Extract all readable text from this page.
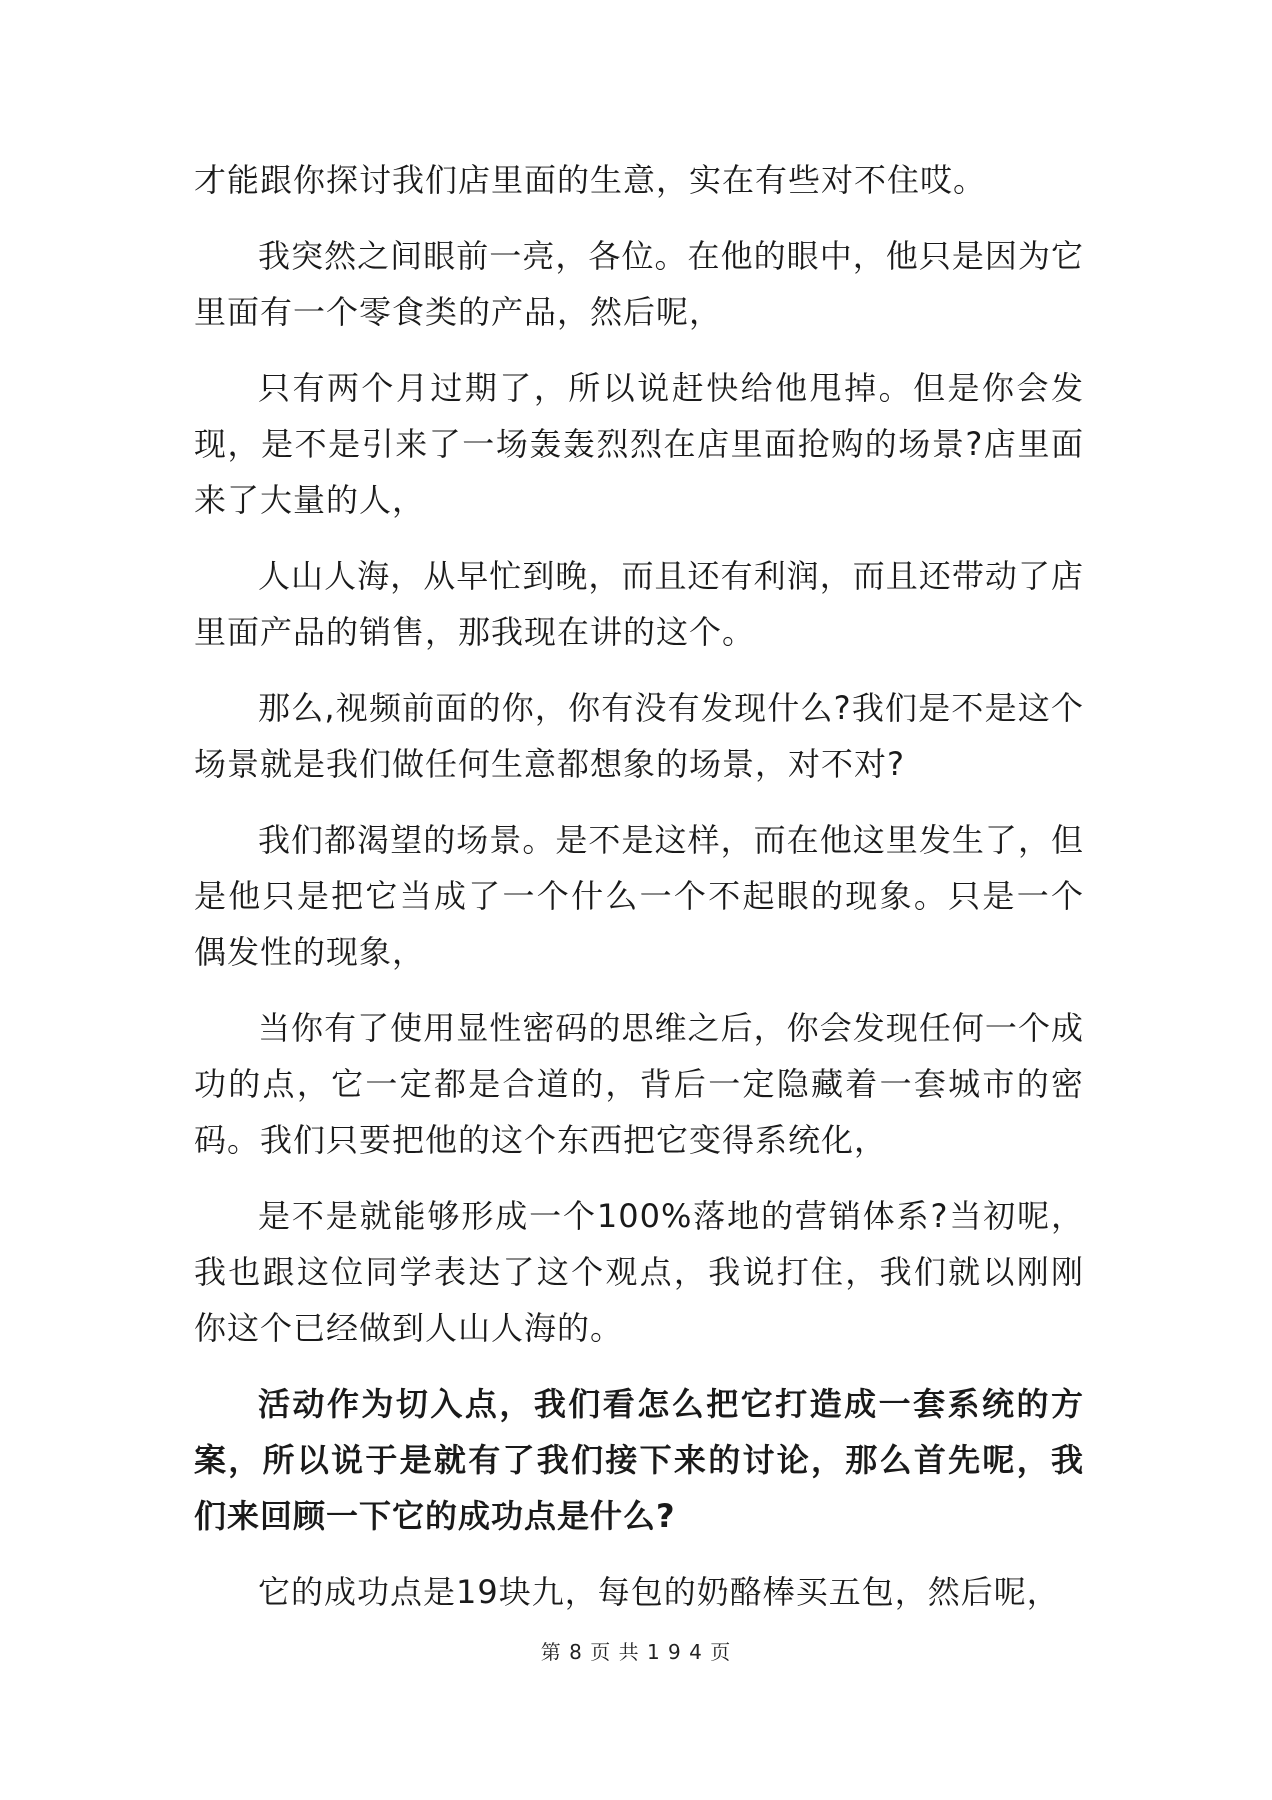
才能跟你探讨我们店里面的生意，实在有些对不住哎。

我突然之间眼前一亮，各位。在他的眼中，他只是因为它里面有一个零食类的产品，然后呢，

只有两个月过期了，所以说赶快给他甩掉。但是你会发现，是不是引来了一场轰轰烈烈在店里面抢购的场景?店里面来了大量的人，

人山人海，从早忙到晚，而且还有利润，而且还带动了店里面产品的销售，那我现在讲的这个。

那么,视频前面的你，你有没有发现什么?我们是不是这个场景就是我们做任何生意都想象的场景，对不对?

我们都渴望的场景。是不是这样，而在他这里发生了，但是他只是把它当成了一个什么一个不起眼的现象。只是一个偶发性的现象，

当你有了使用显性密码的思维之后，你会发现任何一个成功的点，它一定都是合道的，背后一定隐藏着一套城市的密码。我们只要把他的这个东西把它变得系统化，

是不是就能够形成一个100%落地的营销体系?当初呢，我也跟这位同学表达了这个观点，我说打住，我们就以刚刚你这个已经做到人山人海的。

活动作为切入点，我们看怎么把它打造成一套系统的方案，所以说于是就有了我们接下来的讨论，那么首先呢，我们来回顾一下它的成功点是什么?

它的成功点是19块九，每包的奶酪棒买五包，然后呢，

第 8 页 共 1 9 4 页
